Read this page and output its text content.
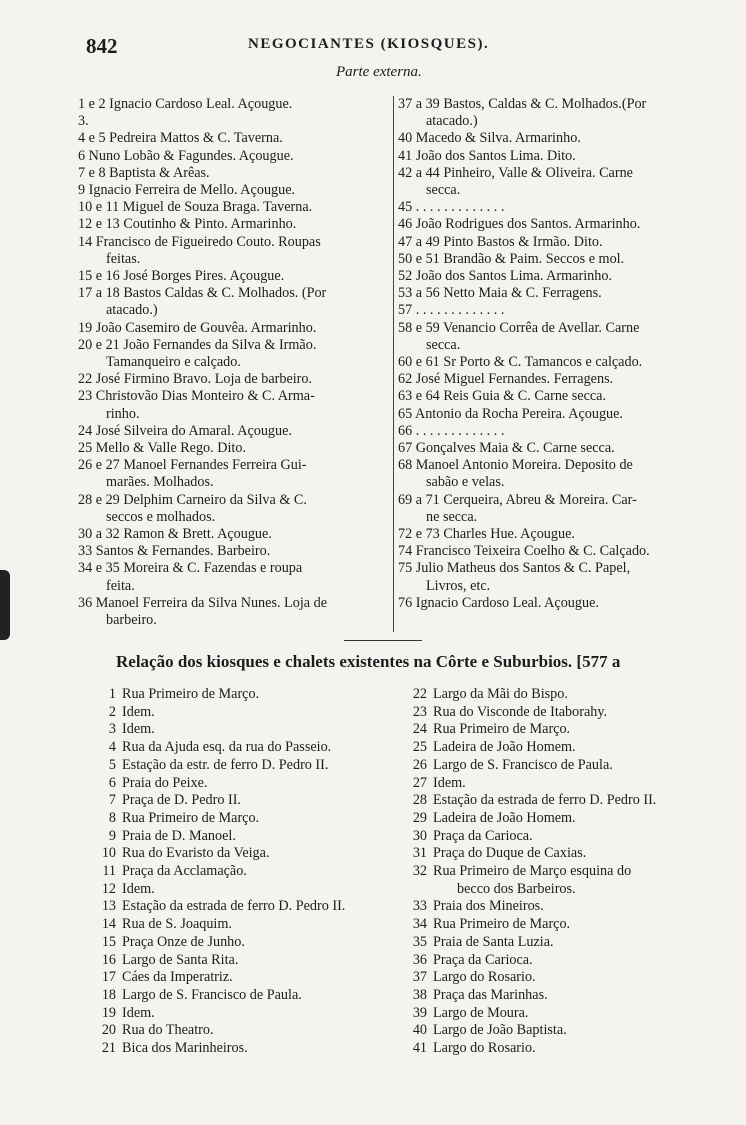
842	NEGOCIANTES (KIOSQUES).
Parte externa.
1 e 2 Ignacio Cardoso Leal. Açougue.
3.
4 e 5 Pedreira Mattos & C. Taverna.
6 Nuno Lobão & Fagundes. Açougue.
7 e 8 Baptista & Arêas.
9 Ignacio Ferreira de Mello. Açougue.
10 e 11 Miguel de Souza Braga. Taverna.
12 e 13 Coutinho & Pinto. Armarinho.
14 Francisco de Figueiredo Couto. Roupas
feitas.
15 e 16 José Borges Pires. Açougue.
17 a 18 Bastos Caldas & C. Molhados. (Por
atacado.)
19 João Casemiro de Gouvêa. Armarinho.
20 e 21 João Fernandes da Silva & Irmão.
Tamanqueiro e calçado.
22 José Firmino Bravo. Loja de barbeiro.
23 Christovão Dias Monteiro & C. Arma-
rinho.
24 José Silveira do Amaral. Açougue.
25 Mello & Valle Rego. Dito.
26 e 27 Manoel Fernandes Ferreira Gui-
marães. Molhados.
28 e 29 Delphim Carneiro da Silva & C.
seccos e molhados.
30 a 32 Ramon & Brett. Açougue.
33 Santos & Fernandes. Barbeiro.
34 e 35 Moreira & C. Fazendas e roupa
feita.
36 Manoel Ferreira da Silva Nunes. Loja de
barbeiro.
37 a 39 Bastos, Caldas & C. Molhados.(Por
atacado.)
40 Macedo & Silva. Armarinho.
41 João dos Santos Lima. Dito.
42 a 44 Pinheiro, Valle & Oliveira. Carne
secca.
45 . . . . . . . . . . . . .
46 João Rodrigues dos Santos. Armarinho.
47 a 49 Pinto Bastos & Irmão. Dito.
50 e 51 Brandão & Paim. Seccos e mol.
52 João dos Santos Lima. Armarinho.
53 a 56 Netto Maia & C. Ferragens.
57 . . . . . . . . . . . . .
58 e 59 Venancio Corrêa de Avellar. Carne
secca.
60 e 61 Sr Porto & C. Tamancos e calçado.
62 José Miguel Fernandes. Ferragens.
63 e 64 Reis Guia & C. Carne secca.
65 Antonio da Rocha Pereira. Açougue.
66 . . . . . . . . . . . . .
67 Gonçalves Maia & C. Carne secca.
68 Manoel Antonio Moreira. Deposito de
sabão e velas.
69 a 71 Cerqueira, Abreu & Moreira. Car-
ne secca.
72 e 73 Charles Hue. Açougue.
74 Francisco Teixeira Coelho & C. Calçado.
75 Julio Matheus dos Santos & C. Papel,
Livros, etc.
76 Ignacio Cardoso Leal. Açougue.
Relação dos kiosques e chalets existentes na Côrte e Suburbios. [577 a
1 Rua Primeiro de Março.
2 Idem.
3 Idem.
4 Rua da Ajuda esq. da rua do Passeio.
5 Estação da estr. de ferro D. Pedro II.
6 Praia do Peixe.
7 Praça de D. Pedro II.
8 Rua Primeiro de Março.
9 Praia de D. Manoel.
10 Rua do Evaristo da Veiga.
11 Praça da Acclamação.
12 Idem.
13 Estação da estrada de ferro D. Pedro II.
14 Rua de S. Joaquim.
15 Praça Onze de Junho.
16 Largo de Santa Rita.
17 Cáes da Imperatriz.
18 Largo de S. Francisco de Paula.
19 Idem.
20 Rua do Theatro.
21 Bica dos Marinheiros.
22 Largo da Mãi do Bispo.
23 Rua do Visconde de Itaborahy.
24 Rua Primeiro de Março.
25 Ladeira de João Homem.
26 Largo de S. Francisco de Paula.
27 Idem.
28 Estação da estrada de ferro D. Pedro II.
29 Ladeira de João Homem.
30 Praça da Carioca.
31 Praça do Duque de Caxias.
32 Rua Primeiro de Março esquina do
becco dos Barbeiros.
33 Praia dos Mineiros.
34 Rua Primeiro de Março.
35 Praia de Santa Luzia.
36 Praça da Carioca.
37 Largo do Rosario.
38 Praça das Marinhas.
39 Largo de Moura.
40 Largo de João Baptista.
41 Largo do Rosario.
